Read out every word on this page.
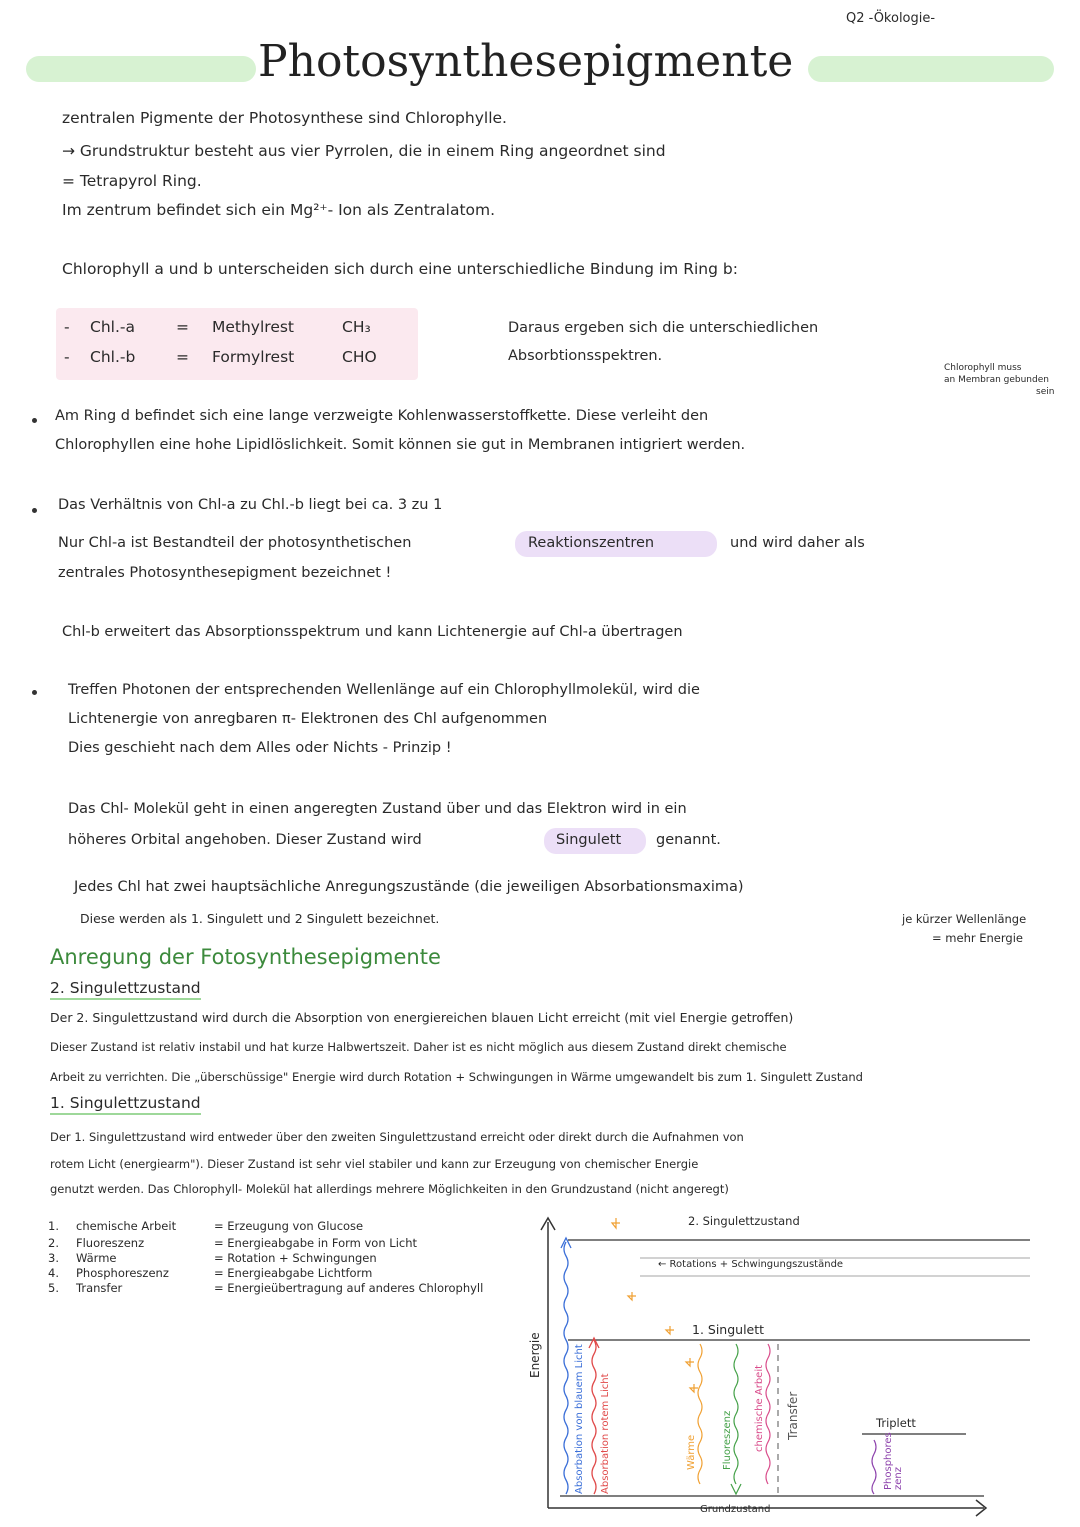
Q2 -Ökologie-
Photosynthesepigmente
zentralen Pigmente der Photosynthese sind Chlorophylle.
→ Grundstruktur besteht aus vier Pyrrolen, die in einem Ring angeordnet sind
= Tetrapyrol Ring.
Im zentrum befindet sich ein Mg²⁺- Ion als Zentralatom.
Chlorophyll a und b unterscheiden sich durch eine unterschiedliche Bindung im Ring b:
- Chl.-a	= Methylrest	CH₃
- Chl.-b	= Formylrest	CHO
Daraus ergeben sich die unterschiedlichen
Absorbtionsspektren.
Chlorophyll muss
an Membran gebunden
sein
Am Ring d befindet sich eine lange verzweigte Kohlenwasserstoffkette. Diese verleiht den
Chlorophyllen eine hohe Lipidlöslichkeit. Somit können sie gut in Membranen intigriert werden.
Das Verhältnis von Chl-a zu Chl.-b liegt bei ca. 3 zu 1
Nur Chl-a ist Bestandteil der photosynthetischen	Reaktionszentren	und wird daher als
zentrales Photosynthesepigment bezeichnet !
Chl-b erweitert das Absorptionsspektrum und kann Lichtenergie auf Chl-a übertragen
Treffen Photonen der entsprechenden Wellenlänge auf ein Chlorophyllmolekül, wird die
Lichtenergie von anregbaren π- Elektronen des Chl aufgenommen
Dies geschieht nach dem Alles oder Nichts - Prinzip !
Das Chl- Molekül geht in einen angeregten Zustand über und das Elektron wird in ein
höheres Orbital angehoben. Dieser Zustand wird	Singulett genannt.
Jedes Chl hat zwei hauptsächliche Anregungszustände (die jeweiligen Absorbationsmaxima)
Diese werden als 1. Singulett und 2 Singulett bezeichnet.	je kürzer Wellenlänge
= mehr Energie
Anregung der Fotosynthesepigmente
2. Singulettzustand
Der 2. Singulettzustand wird durch die Absorption von energiereichen blauen Licht erreicht (mit viel Energie getroffen)
Dieser Zustand ist relativ instabil und hat kurze Halbwertszeit. Daher ist es nicht möglich aus diesem Zustand direkt chemische
Arbeit zu verrichten. Die „überschüssige" Energie wird durch Rotation + Schwingungen in Wärme umgewandelt bis zum 1. Singulett Zustand
1. Singulettzustand
Der 1. Singulettzustand wird entweder über den zweiten Singulettzustand erreicht oder direkt durch die Aufnahmen von
rotem Licht (energiearm"). Dieser Zustand ist sehr viel stabiler und kann zur Erzeugung von chemischer Energie
genutzt werden. Das Chlorophyll- Molekül hat allerdings mehrere Möglichkeiten in den Grundzustand (nicht angeregt)
1. chemische Arbeit	= Erzeugung von Glucose
2. Fluoreszenz	= Energieabgabe in Form von Licht
3. Wärme	= Rotation + Schwingungen
4. Phosphoreszenz	= Energieabgabe Lichtform
5. Transfer	= Energieübertragung auf anderes Chlorophyll
Energie
2. Singulettzustand
← Rotations + Schwingungszustände
1. Singulett
Triplett
Grundzustand
Absorbation von blauem Licht Absorbation rotem Licht	Wärme	Fluoreszenz chemische Arbeit Transfer
Phosphores zenz
